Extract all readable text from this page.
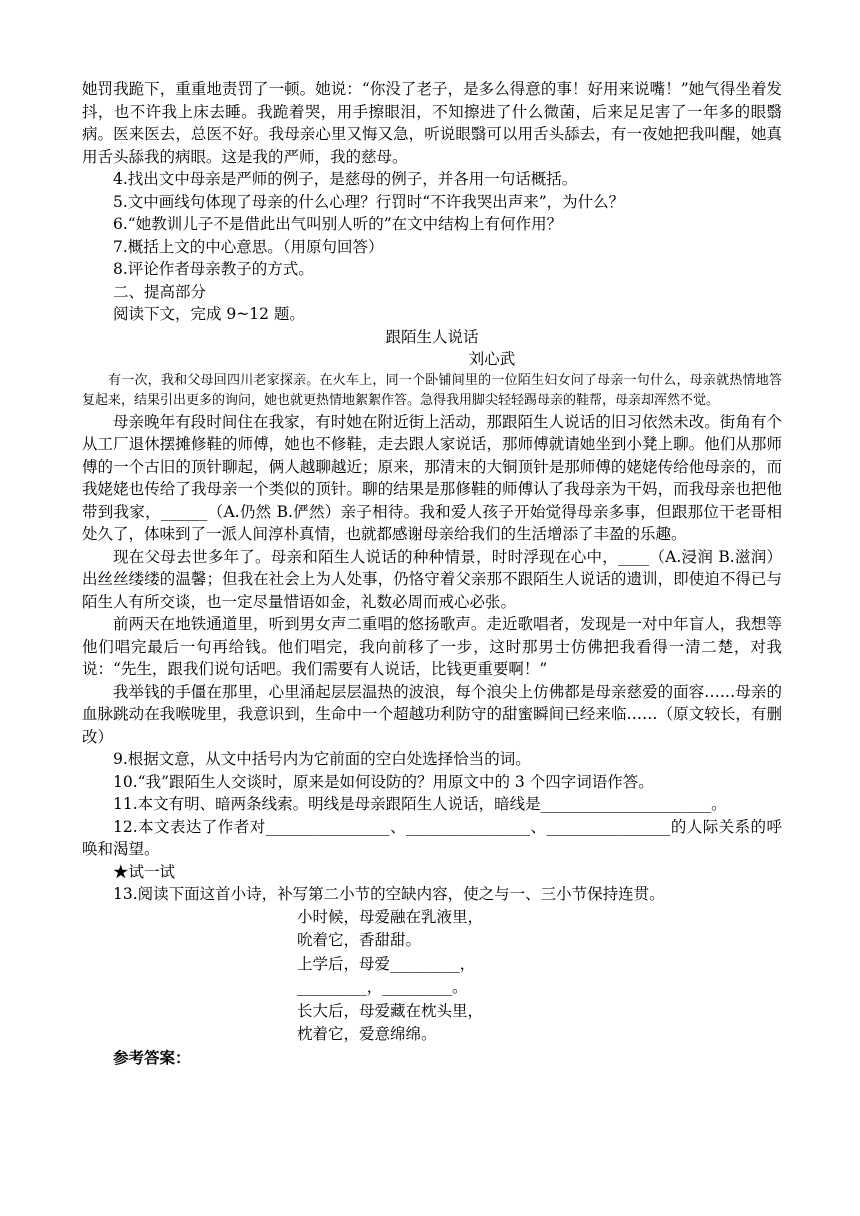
她罚我跪下，重重地责罚了一顿。她说：“你没了老子，是多么得意的事！好用来说嘴！”她气得坐着发抖，也不许我上床去睡。我跪着哭，用手擦眼泪，不知擦进了什么微菌，后来足足害了一年多的眼翳病。医来医去，总医不好。我母亲心里又悔又急，听说眼翳可以用舌头舔去，有一夜她把我叫醒，她真用舌头舔我的病眼。这是我的严师，我的慈母。

4.找出文中母亲是严师的例子，是慈母的例子，并各用一句话概括。

5.文中画线句体现了母亲的什么心理？行罚时“不许我哭出声来”，为什么？

6.“她教训儿子不是借此出气叫别人听的”在文中结构上有何作用？

7.概括上文的中心意思。（用原句回答）

8.评论作者母亲教子的方式。

二、提高部分

阅读下文，完成 9~12 题。

跟陌生人说话

刘心武

有一次，我和父母回四川老家探亲。在火车上，同一个卧铺间里的一位陌生妇女问了母亲一句什么，母亲就热情地答复起来，结果引出更多的询问，她也就更热情地絮絮作答。急得我用脚尖轻轻踢母亲的鞋帮，母亲却浑然不觉。

母亲晚年有段时间住在我家，有时她在附近街上活动，那跟陌生人说话的旧习依然未改。街角有个从工厂退休摆摊修鞋的师傅，她也不修鞋，走去跟人家说话，那师傅就请她坐到小凳上聊。他们从那师傅的一个古旧的顶针聊起，俩人越聊越近；原来，那清末的大铜顶针是那师傅的姥姥传给他母亲的，而我姥姥也传给了我母亲一个类似的顶针。聊的结果是那修鞋的师傅认了我母亲为干妈，而我母亲也把他带到我家，______（A.仍然 B.俨然）亲子相待。我和爱人孩子开始觉得母亲多事，但跟那位干老哥相处久了，体味到了一派人间淳朴真情，也就都感谢母亲给我们的生活增添了丰盈的乐趣。

现在父母去世多年了。母亲和陌生人说话的种种情景，时时浮现在心中，____（A.浸润 B.滋润）出丝丝缕缕的温馨；但我在社会上为人处事，仍恪守着父亲那不跟陌生人说话的遗训，即使迫不得已与陌生人有所交谈，也一定尽量惜语如金，礼数必周而戒心必张。

前两天在地铁通道里，听到男女声二重唱的悠扬歌声。走近歌唱者，发现是一对中年盲人，我想等他们唱完最后一句再给钱。他们唱完，我向前移了一步，这时那男士仿佛把我看得一清二楚，对我说：“先生，跟我们说句话吧。我们需要有人说话，比钱更重要啊！”

我举钱的手僵在那里，心里涌起层层温热的波浪，每个浪尖上仿佛都是母亲慈爱的面容……母亲的血脉跳动在我喉咙里，我意识到，生命中一个超越功利防守的甜蜜瞬间已经来临……（原文较长，有删改）

9.根据文意，从文中括号内为它前面的空白处选择恰当的词。

10.“我”跟陌生人交谈时，原来是如何设防的？用原文中的 3 个四字词语作答。

11.本文有明、暗两条线索。明线是母亲跟陌生人说话，暗线是______________________。

12.本文表达了作者对________________、________________、________________的人际关系的呼唤和渴望。

★试一试

13.阅读下面这首小诗，补写第二小节的空缺内容，使之与一、三小节保持连贯。

小时候，母爱融在乳液里，

吮着它，香甜甜。

上学后，母爱_________，

_________，_________。

长大后，母爱藏在枕头里，

枕着它，爱意绵绵。

参考答案：
